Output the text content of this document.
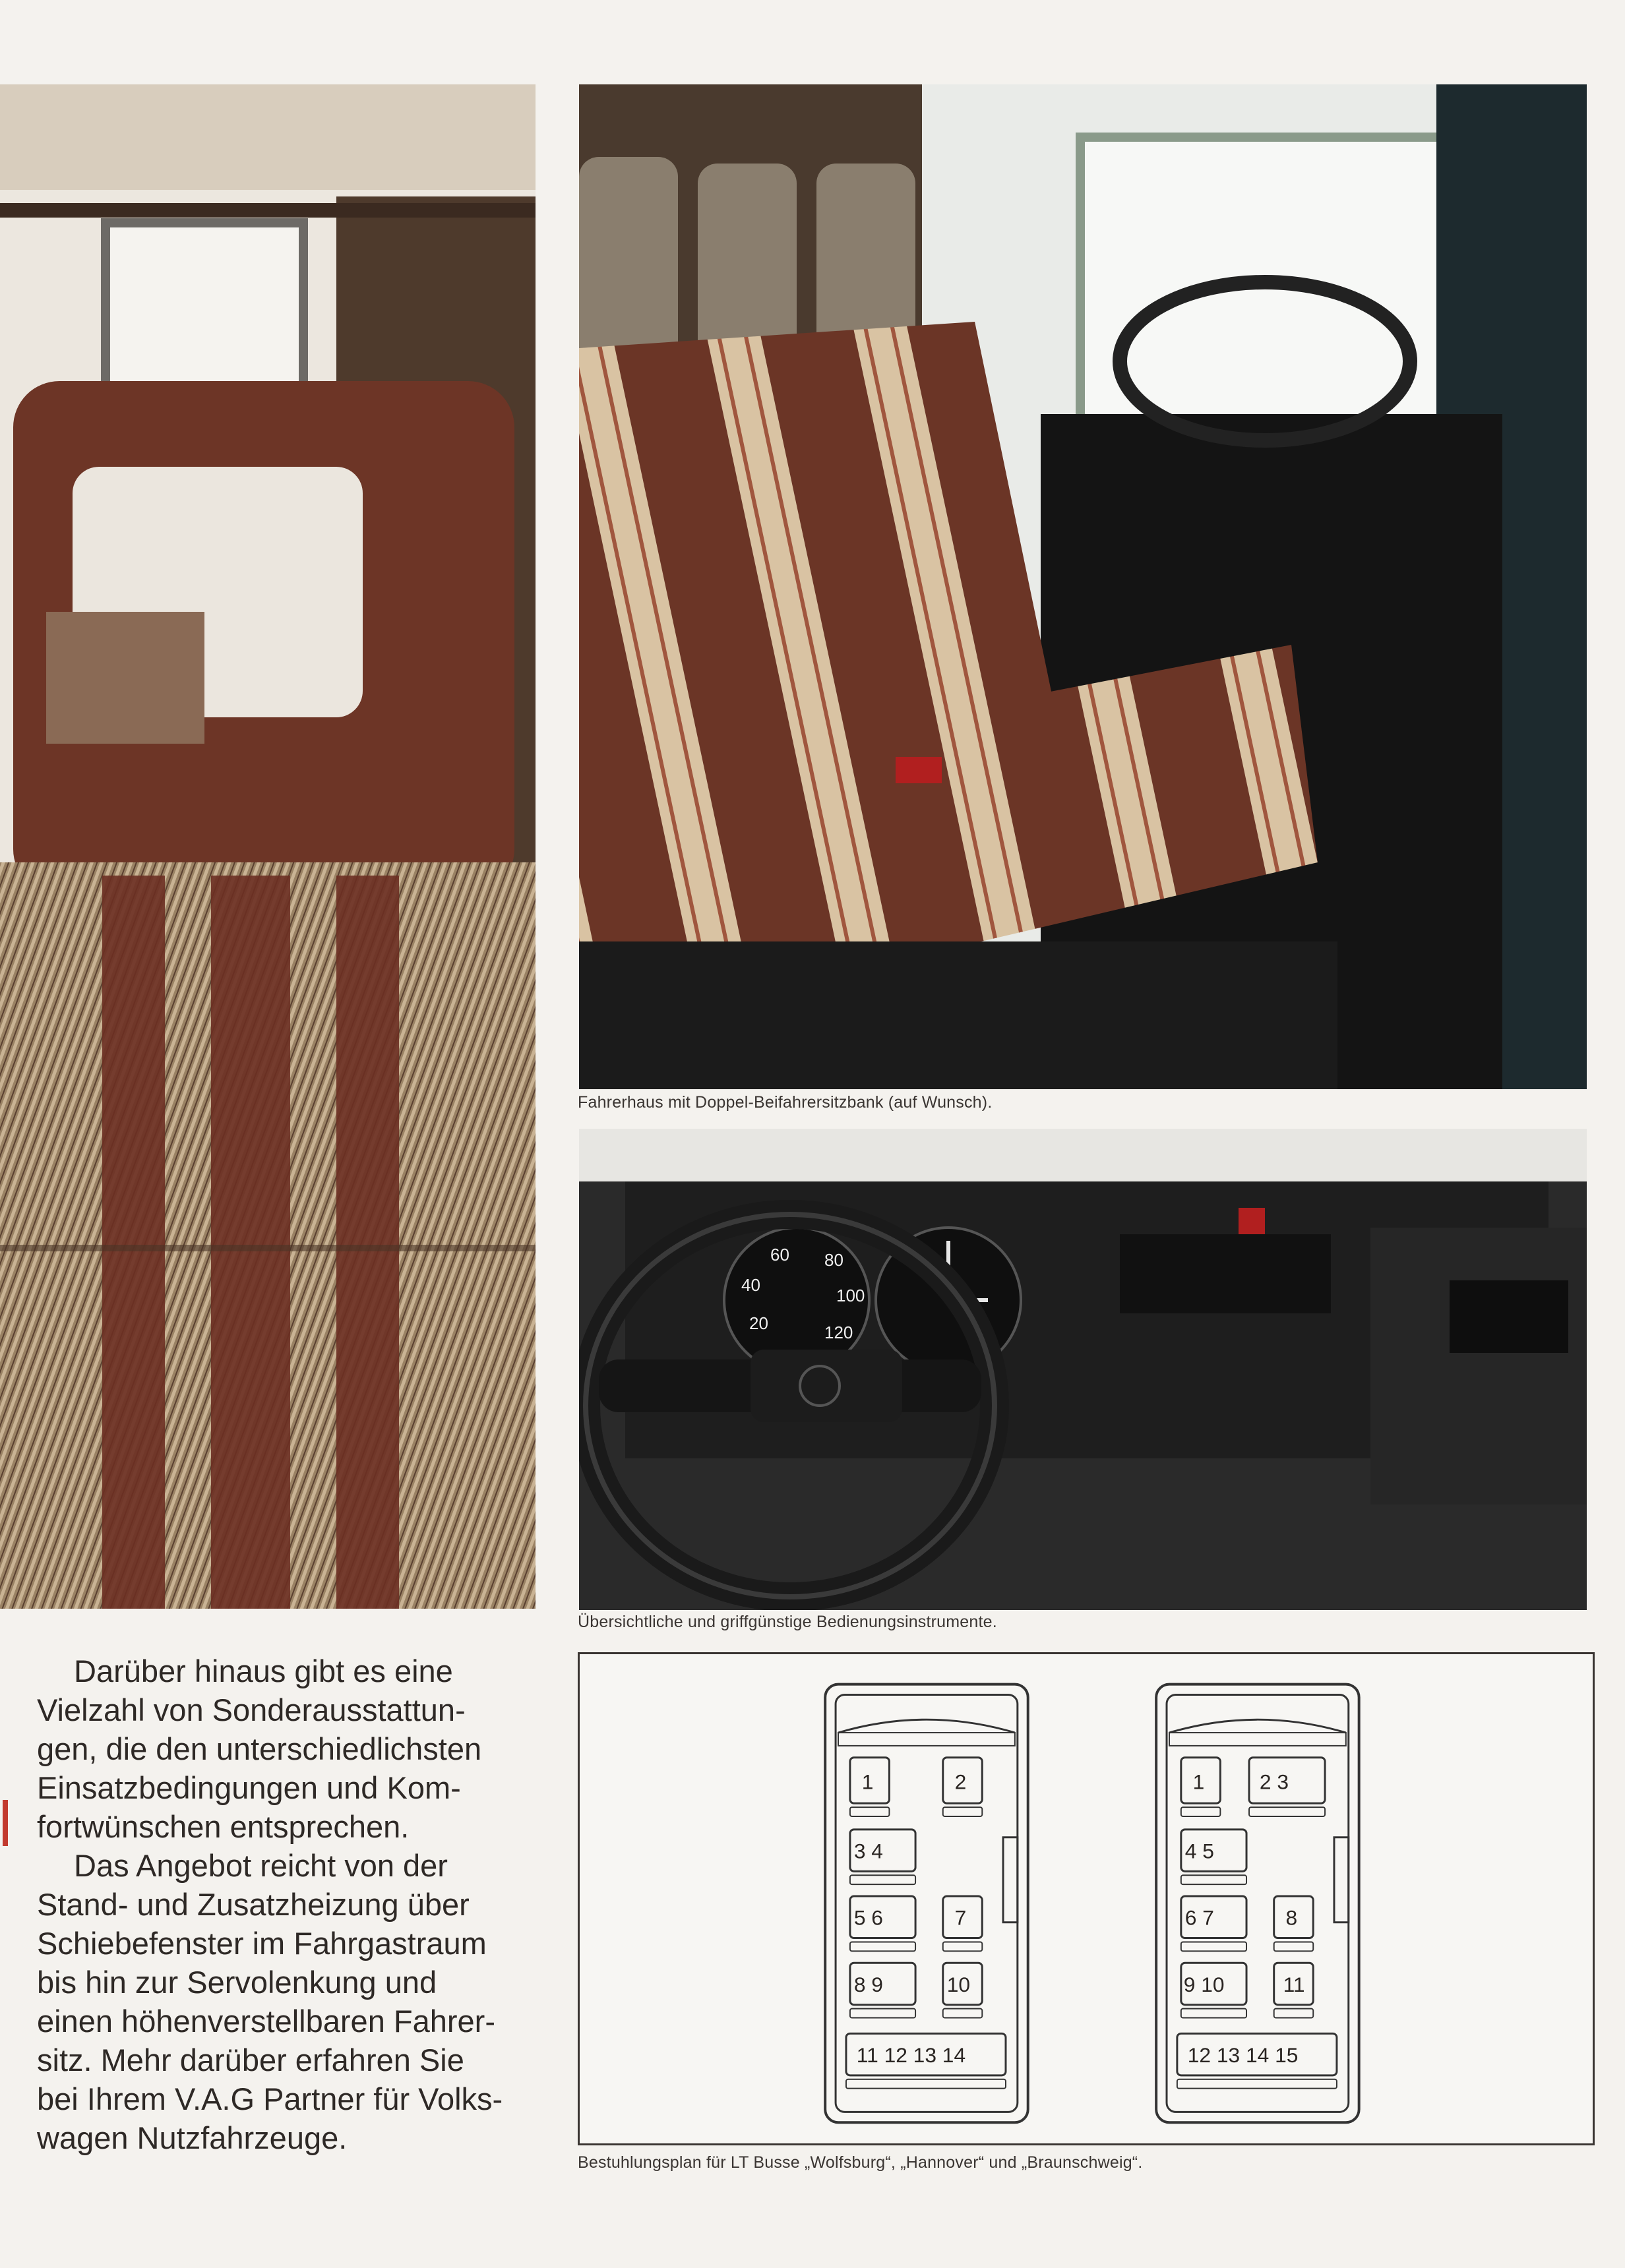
Fahrerhaus mit Doppel-Beifahrersitzbank (auf Wunsch).
20
40
60 80
100
120
Übersichtliche und griffgünstige Bedienungsinstrumente.

Darüber hinaus gibt es eine
Vielzahl von Sonderausstattun-
gen, die den unterschiedlichsten
Einsatzbedingungen und Kom-
fortwünschen entsprechen.

Das Angebot reicht von der
Stand- und Zusatzheizung über
Schiebefenster im Fahrgastraum
bis hin zur Servolenkung und
einen höhenverstellbaren Fahrer-
sitz. Mehr darüber erfahren Sie
bei Ihrem V.A.G Partner für Volks-
wagen Nutzfahrzeuge.

1	2
3 4
5 6	7
8 9	10
11 12 13 14
1	2 3
4 5
6 7	8
9 10	11
12 13 14 15
Bestuhlungsplan für LT Busse „Wolfsburg“, „Hannover“ und „Braunschweig“.
